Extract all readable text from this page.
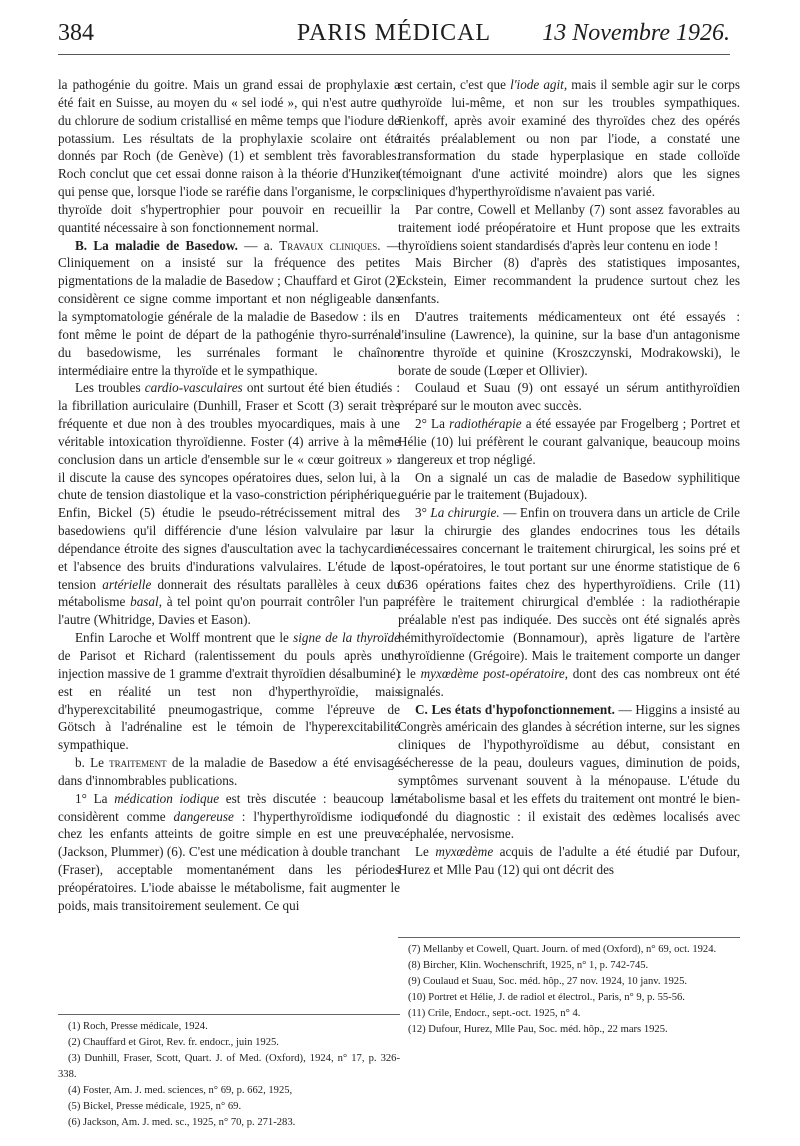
384	PARIS MÉDICAL	13 Novembre 1926.

la pathogénie du goitre. Mais un grand essai de prophylaxie a été fait en Suisse, au moyen du « sel iodé », qui n'est autre que du chlorure de sodium cristallisé en même temps que l'iodure de potassium. Les résultats de la prophylaxie scolaire ont été donnés par Roch (de Genève) (1) et semblent très favorables. Roch conclut que cet essai donne raison à la théorie d'Hunziker qui pense que, lorsque l'iode se raréfie dans l'organisme, le corps thyroïde doit s'hypertrophier pour pouvoir en recueillir la quantité nécessaire à son fonctionnement normal.

B. La maladie de Basedow. — a. Travaux cliniques. — Cliniquement on a insisté sur la fréquence des petites pigmentations de la maladie de Basedow ; Chauffard et Girot (2) considèrent ce signe comme important et non négligeable dans la symptomatologie générale de la maladie de Basedow : ils en font même le point de départ de la pathogénie thyro-surrénale du basedowisme, les surrénales formant le chaînon intermédiaire entre la thyroïde et le sympathique.

Les troubles cardio-vasculaires ont surtout été bien étudiés : la fibrillation auriculaire (Dunhill, Fraser et Scott (3) serait très fréquente et due non à des troubles myocardiques, mais à une véritable intoxication thyroïdienne. Foster (4) arrive à la même conclusion dans un article d'ensemble sur le « cœur goitreux » : il discute la cause des syncopes opératoires dues, selon lui, à la chute de tension diastolique et la vaso-constriction périphérique. Enfin, Bickel (5) étudie le pseudo-rétrécissement mitral des basedowiens qu'il différencie d'une lésion valvulaire par la dépendance étroite des signes d'auscultation avec la tachycardie et l'absence des bruits d'indurations valvulaires. L'étude de la tension artérielle donnerait des résultats parallèles à ceux du métabolisme basal, à tel point qu'on pourrait contrôler l'un par l'autre (Whitridge, Davies et Eason).

Enfin Laroche et Wolff montrent que le signe de la thyroïde de Parisot et Richard (ralentissement du pouls après une injection massive de 1 gramme d'extrait thyroïdien désalbuminé) est en réalité un test non d'hyperthyroïdie, mais d'hyperexcitabilité pneumogastrique, comme l'épreuve de Götsch à l'adrénaline est le témoin de l'hyperexcitabilité sympathique.

b. Le traitement de la maladie de Basedow a été envisagé dans d'innombrables publications.

1° La médication iodique est très discutée : beaucoup la considèrent comme dangereuse : l'hyperthyroïdisme iodique chez les enfants atteints de goitre simple en est une preuve (Jackson, Plummer) (6). C'est une médication à double tranchant (Fraser), acceptable momentanément dans les périodes préopératoires. L'iode abaisse le métabolisme, fait augmenter le poids, mais transitoirement seulement. Ce qui

est certain, c'est que l'iode agit, mais il semble agir sur le corps thyroïde lui-même, et non sur les troubles sympathiques. Rienkoff, après avoir examiné des thyroïdes chez des opérés traités préalablement ou non par l'iode, a constaté une transformation du stade hyperplasique en stade colloïde (témoignant d'une activité moindre) alors que les signes cliniques d'hyperthyroïdisme n'avaient pas varié.

Par contre, Cowell et Mellanby (7) sont assez favorables au traitement iodé préopératoire et Hunt propose que les extraits thyroïdiens soient standardisés d'après leur contenu en iode !

Mais Bircher (8) d'après des statistiques imposantes, Eckstein, Eimer recommandent la prudence surtout chez les enfants.

D'autres traitements médicamenteux ont été essayés : l'insuline (Lawrence), la quinine, sur la base d'un antagonisme entre thyroïde et quinine (Kroszczynski, Modrakowski), le borate de soude (Lœper et Ollivier).

Coulaud et Suau (9) ont essayé un sérum antithyroïdien préparé sur le mouton avec succès.

2° La radiothérapie a été essayée par Frogelberg ; Portret et Hélie (10) lui préfèrent le courant galvanique, beaucoup moins dangereux et trop négligé.

On a signalé un cas de maladie de Basedow syphilitique guérie par le traitement (Bujadoux).

3° La chirurgie. — Enfin on trouvera dans un article de Crile sur la chirurgie des glandes endocrines tous les détails nécessaires concernant le traitement chirurgical, les soins pré et post-opératoires, le tout portant sur une énorme statistique de 6 636 opérations faites chez des hyperthyroïdiens. Crile (11) préfère le traitement chirurgical d'emblée : la radiothérapie préalable n'est pas indiquée. Des succès ont été signalés après hémithyroïdectomie (Bonnamour), après ligature de l'artère thyroïdienne (Grégoire). Mais le traitement comporte un danger : le myxœdème post-opératoire, dont des cas nombreux ont été signalés.

C. Les états d'hypofonctionnement. — Higgins a insisté au Congrès américain des glandes à sécrétion interne, sur les signes cliniques de l'hypothyroïdisme au début, consistant en sécheresse de la peau, douleurs vagues, diminution de poids, symptômes survenant souvent à la ménopause. L'étude du métabolisme basal et les effets du traitement ont montré le bien-fondé du diagnostic : il existait des œdèmes localisés avec céphalée, nervosisme.

Le myxœdème acquis de l'adulte a été étudié par Dufour, Hurez et Mlle Pau (12) qui ont décrit des

(1) Roch, Presse médicale, 1924.

(2) Chauffard et Girot, Rev. fr. endocr., juin 1925.

(3) Dunhill, Fraser, Scott, Quart. J. of Med. (Oxford), 1924, n° 17, p. 326-338.

(4) Foster, Am. J. med. sciences, n° 69, p. 662, 1925,

(5) Bickel, Presse médicale, 1925, n° 69.

(6) Jackson, Am. J. med. sc., 1925, n° 70, p. 271-283.

(7) Mellanby et Cowell, Quart. Journ. of med (Oxford), n° 69, oct. 1924.

(8) Bircher, Klin. Wochenschrift, 1925, n° 1, p. 742-745.

(9) Coulaud et Suau, Soc. méd. hôp., 27 nov. 1924, 10 janv. 1925.

(10) Portret et Hélie, J. de radiol et électrol., Paris, n° 9, p. 55-56.

(11) Crile, Endocr., sept.-oct. 1925, n° 4.

(12) Dufour, Hurez, Mlle Pau, Soc. méd. hôp., 22 mars 1925.
